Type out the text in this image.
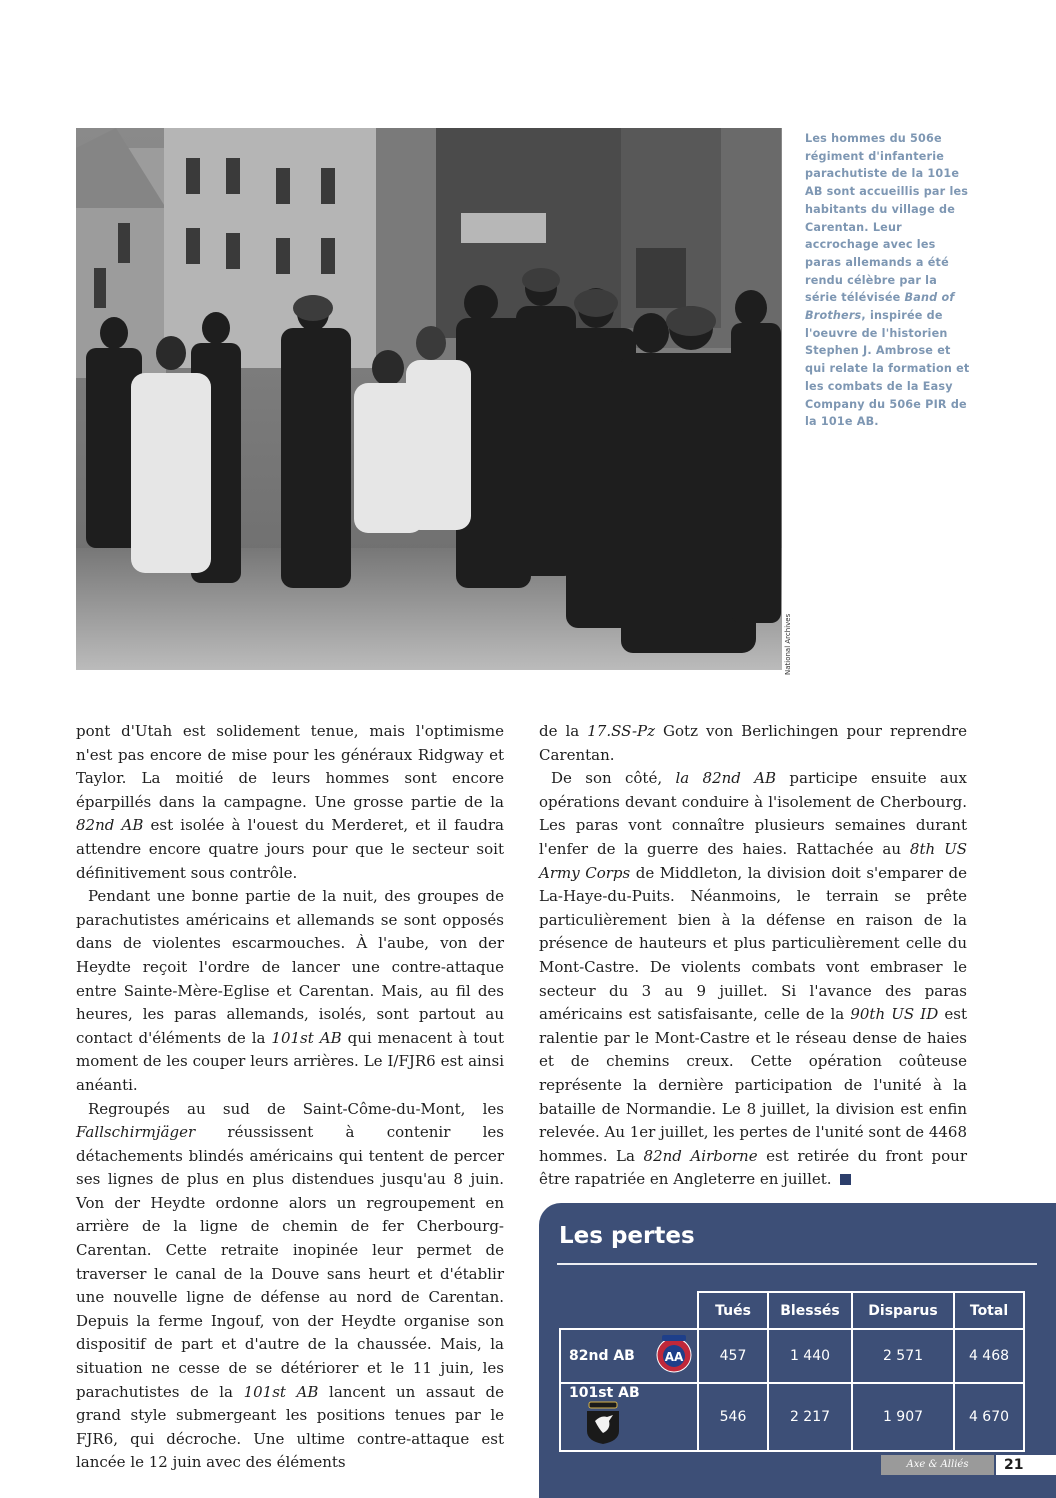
National Archives
Les hommes du 506e régiment d'infanterie parachutiste de la 101e AB sont accueillis par les habitants du village de Carentan. Leur accrochage avec les paras allemands a été rendu célèbre par la série télévisée Band of Brothers, inspirée de l'oeuvre de l'historien Stephen J. Ambrose et qui relate la formation et les combats de la Easy Company du 506e PIR de la 101e AB.

pont d'Utah est solidement tenue, mais l'optimisme n'est pas encore de mise pour les généraux Ridgway et Taylor. La moitié de leurs hommes sont encore éparpillés dans la campagne. Une grosse partie de la 82nd AB est isolée à l'ouest du Merderet, et il faudra attendre encore quatre jours pour que le secteur soit définitivement sous contrôle.

Pendant une bonne partie de la nuit, des groupes de parachutistes américains et allemands se sont opposés dans de violentes escarmouches. À l'aube, von der Heydte reçoit l'ordre de lancer une contre-attaque entre Sainte-Mère-Eglise et Carentan. Mais, au fil des heures, les paras allemands, isolés, sont partout au contact d'éléments de la 101st AB qui menacent à tout moment de les couper leurs arrières. Le I/FJR6 est ainsi anéanti.

Regroupés au sud de Saint-Côme-du-Mont, les Fallschirmjäger réussissent à contenir les détachements blindés américains qui tentent de percer ses lignes de plus en plus distendues jusqu'au 8 juin. Von der Heydte ordonne alors un regroupement en arrière de la ligne de chemin de fer Cherbourg-Carentan. Cette retraite inopinée leur permet de traverser le canal de la Douve sans heurt et d'établir une nouvelle ligne de défense au nord de Carentan. Depuis la ferme Ingouf, von der Heydte organise son dispositif de part et d'autre de la chaussée. Mais, la situation ne cesse de se détériorer et le 11 juin, les parachutistes de la 101st AB lancent un assaut de grand style submergeant les positions tenues par le FJR6, qui décroche. Une ultime contre-attaque est lancée le 12 juin avec des éléments

de la 17.SS-Pz Gotz von Berlichingen pour reprendre Carentan.

De son côté, la 82nd AB participe ensuite aux opérations devant conduire à l'isolement de Cherbourg. Les paras vont connaître plusieurs semaines durant l'enfer de la guerre des haies. Rattachée au 8th US Army Corps de Middleton, la division doit s'emparer de La-Haye-du-Puits. Néanmoins, le terrain se prête particulièrement bien à la défense en raison de la présence de hauteurs et plus particulièrement celle du Mont-Castre. De violents combats vont embraser le secteur du 3 au 9 juillet. Si l'avance des paras américains est satisfaisante, celle de la 90th US ID est ralentie par le Mont-Castre et le réseau dense de haies et de chemins creux. Cette opération coûteuse représente la dernière participation de l'unité à la bataille de Normandie. Le 8 juillet, la division est enfin relevée. Au 1er juillet, les pertes de l'unité sont de 4468 hommes. La 82nd Airborne est retirée du front pour être rapatriée en Angleterre en juillet.

Les pertes
	Tués	Blessés	Disparus	Total
82nd AB AA	457	1 440	2 571	4 468
101st AB	546	2 217	1 907	4 670
Axe & Alliés	21
